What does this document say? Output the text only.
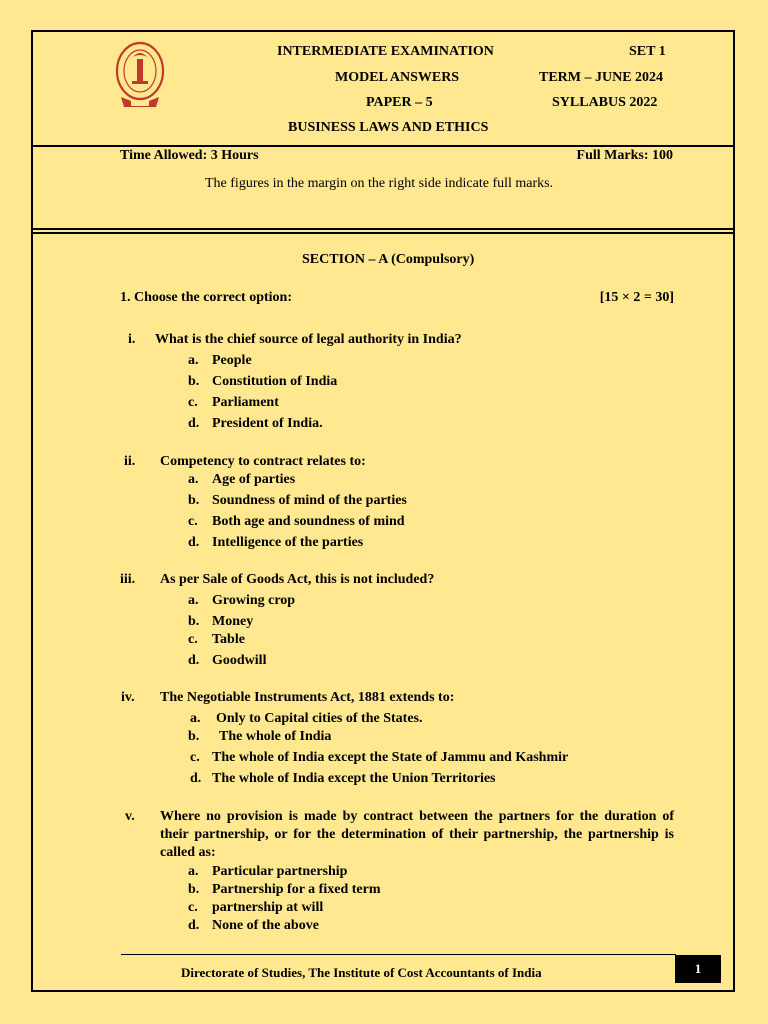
INTERMEDIATE EXAMINATION
MODEL ANSWERS
PAPER – 5
BUSINESS LAWS AND ETHICS
SET 1
TERM – JUNE 2024
SYLLABUS 2022
Time Allowed: 3 Hours	Full Marks: 100
The figures in the margin on the right side indicate full marks.
SECTION – A (Compulsory)
1. Choose the correct option:	[15 × 2 = 30]
i. What is the chief source of legal authority in India?
a. People
b. Constitution of India
c. Parliament
d. President of India.
ii. Competency to contract relates to:
a. Age of parties
b. Soundness of mind of the parties
c. Both age and soundness of mind
d. Intelligence of the parties
iii. As per Sale of Goods Act, this is not included?
a. Growing crop
b. Money
c. Table
d. Goodwill
iv. The Negotiable Instruments Act, 1881 extends to:
a. Only to Capital cities of the States.
b. The whole of India
c. The whole of India except the State of Jammu and Kashmir
d. The whole of India except the Union Territories
v. Where no provision is made by contract between the partners for the duration of their partnership, or for the determination of their partnership, the partnership is called as:
a. Particular partnership
b. Partnership for a fixed term
c. partnership at will
d. None of the above
Directorate of Studies, The Institute of Cost Accountants of India	1
